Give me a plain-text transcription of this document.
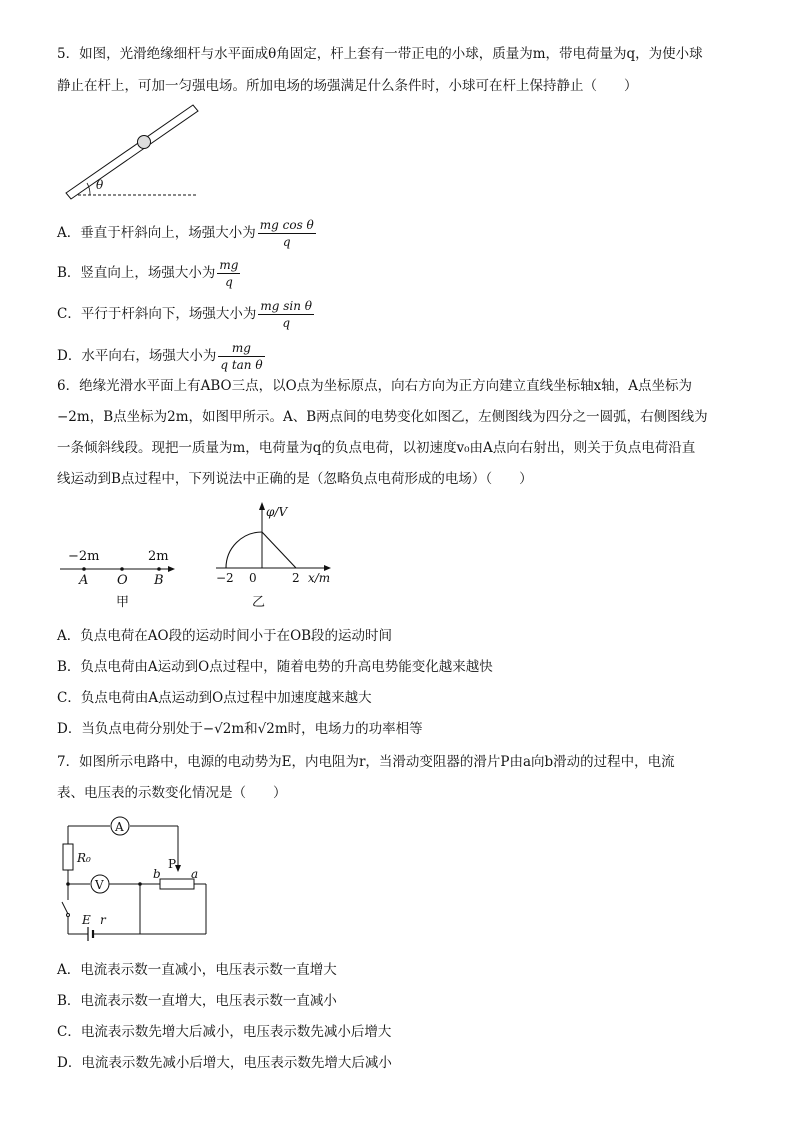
5．如图，光滑绝缘细杆与水平面成θ角固定，杆上套有一带正电的小球，质量为m，带电荷量为q，为使小球
静止在杆上，可加一匀强电场。所加电场的场强满足什么条件时，小球可在杆上保持静止（　　）
θ
A．垂直于杆斜向上，场强大小为 $\frac{\text{mg cos θ}}{q}$
B．竖直向上，场强大小为 $\frac{mg}{q}$
C．平行于杆斜向下，场强大小为 $\frac{\text{mg sin θ}}{q}$
D．水平向右，场强大小为 $\frac{mg}{\text{q tan θ}}$
6．绝缘光滑水平面上有ABO三点，以O点为坐标原点，向右方向为正方向建立直线坐标轴x轴，A点坐标为
−2m，B点坐标为2m，如图甲所示。A、B两点间的电势变化如图乙，左侧图线为四分之一圆弧，右侧图线为
一条倾斜线段。现把一质量为m，电荷量为q的负点电荷，以初速度v₀由A点向右射出，则关于负点电荷沿直
线运动到B点过程中，下列说法中正确的是（忽略负点电荷形成的电场）（　　）
−2m	2m
A O B
甲
φ/V
−2 0	2 x/m
乙
A．负点电荷在AO段的运动时间小于在OB段的运动时间
B．负点电荷由A运动到O点过程中，随着电势的升高电势能变化越来越快
C．负点电荷由A点运动到O点过程中加速度越来越大
D．当负点电荷分别处于−√2m和√2m时，电场力的功率相等
7．如图所示电路中，电源的电动势为E，内电阻为r，当滑动变阻器的滑片P由a向b滑动的过程中，电流
表、电压表的示数变化情况是（　　）
A
R₀
V
P
b	a
E r
A．电流表示数一直减小，电压表示数一直增大
B．电流表示数一直增大，电压表示数一直减小
C．电流表示数先增大后减小，电压表示数先减小后增大
D．电流表示数先减小后增大，电压表示数先增大后减小
